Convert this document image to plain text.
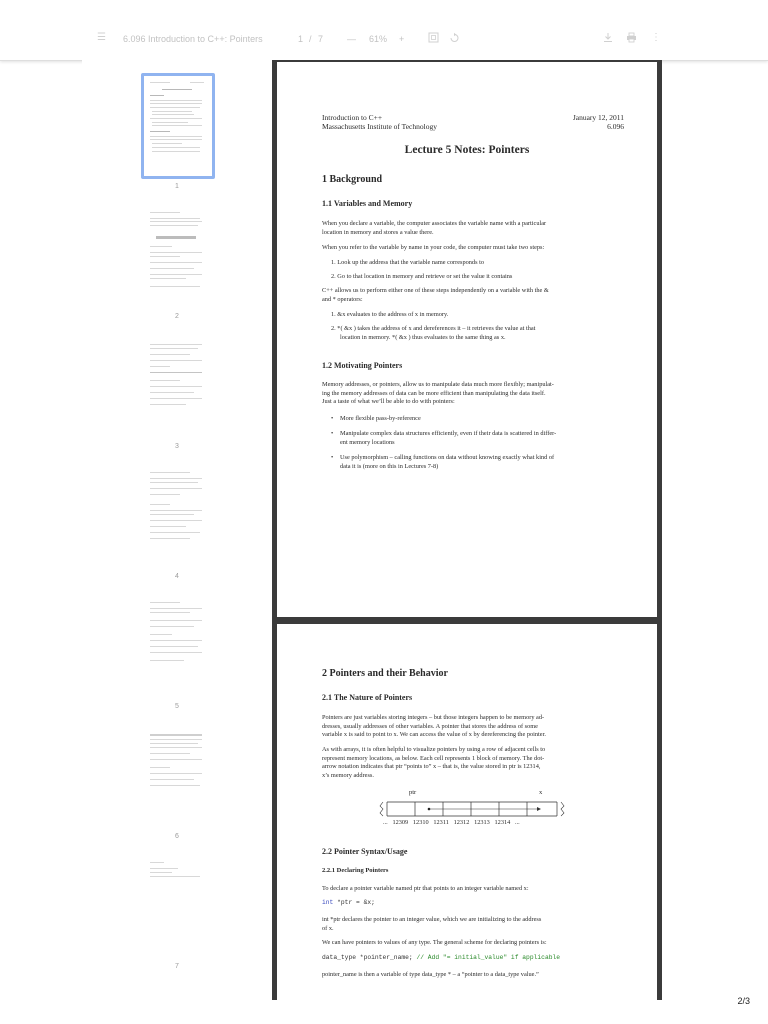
☰ 6.096 Introduction to C++: Pointers	1 / 7	— 61% +	⋮
1
2
3
4
5
6
7
Introduction to C++
Massachusetts Institute of Technology
January 12, 2011
6.096
Lecture 5 Notes: Pointers
1 Background
1.1 Variables and Memory
When you declare a variable, the computer associates the variable name with a particular
location in memory and stores a value there.
When you refer to the variable by name in your code, the computer must take two steps:
1. Look up the address that the variable name corresponds to
2. Go to that location in memory and retrieve or set the value it contains
C++ allows us to perform either one of these steps independently on a variable with the &
and * operators:
1. &x evaluates to the address of x in memory.
2. *( &x ) takes the address of x and dereferences it – it retrieves the value at that
location in memory. *( &x ) thus evaluates to the same thing as x.
1.2 Motivating Pointers
Memory addresses, or pointers, allow us to manipulate data much more flexibly; manipulat-
ing the memory addresses of data can be more efficient than manipulating the data itself.
Just a taste of what we’ll be able to do with pointers:
• More flexible pass-by-reference
• Manipulate complex data structures efficiently, even if their data is scattered in differ-
ent memory locations
• Use polymorphism – calling functions on data without knowing exactly what kind of
data it is (more on this in Lectures 7-8)
2 Pointers and their Behavior
2.1 The Nature of Pointers
Pointers are just variables storing integers – but those integers happen to be memory ad-
dresses, usually addresses of other variables. A pointer that stores the address of some
variable x is said to point to x. We can access the value of x by dereferencing the pointer.
As with arrays, it is often helpful to visualize pointers by using a row of adjacent cells to
represent memory locations, as below. Each cell represents 1 block of memory. The dot-
arrow notation indicates that ptr “points to” x – that is, the value stored in ptr is 12314,
x’s memory address.
ptr	x
...   12309   12310   12311   12312   12313   12314   ...
2.2 Pointer Syntax/Usage
2.2.1 Declaring Pointers
To declare a pointer variable named ptr that points to an integer variable named x:
int *ptr = &x;
int *ptr declares the pointer to an integer value, which we are initializing to the address
of x.
We can have pointers to values of any type. The general scheme for declaring pointers is:
data_type *pointer_name; // Add "= initial_value" if applicable
pointer_name is then a variable of type data_type * – a “pointer to a data_type value.”
2/3
